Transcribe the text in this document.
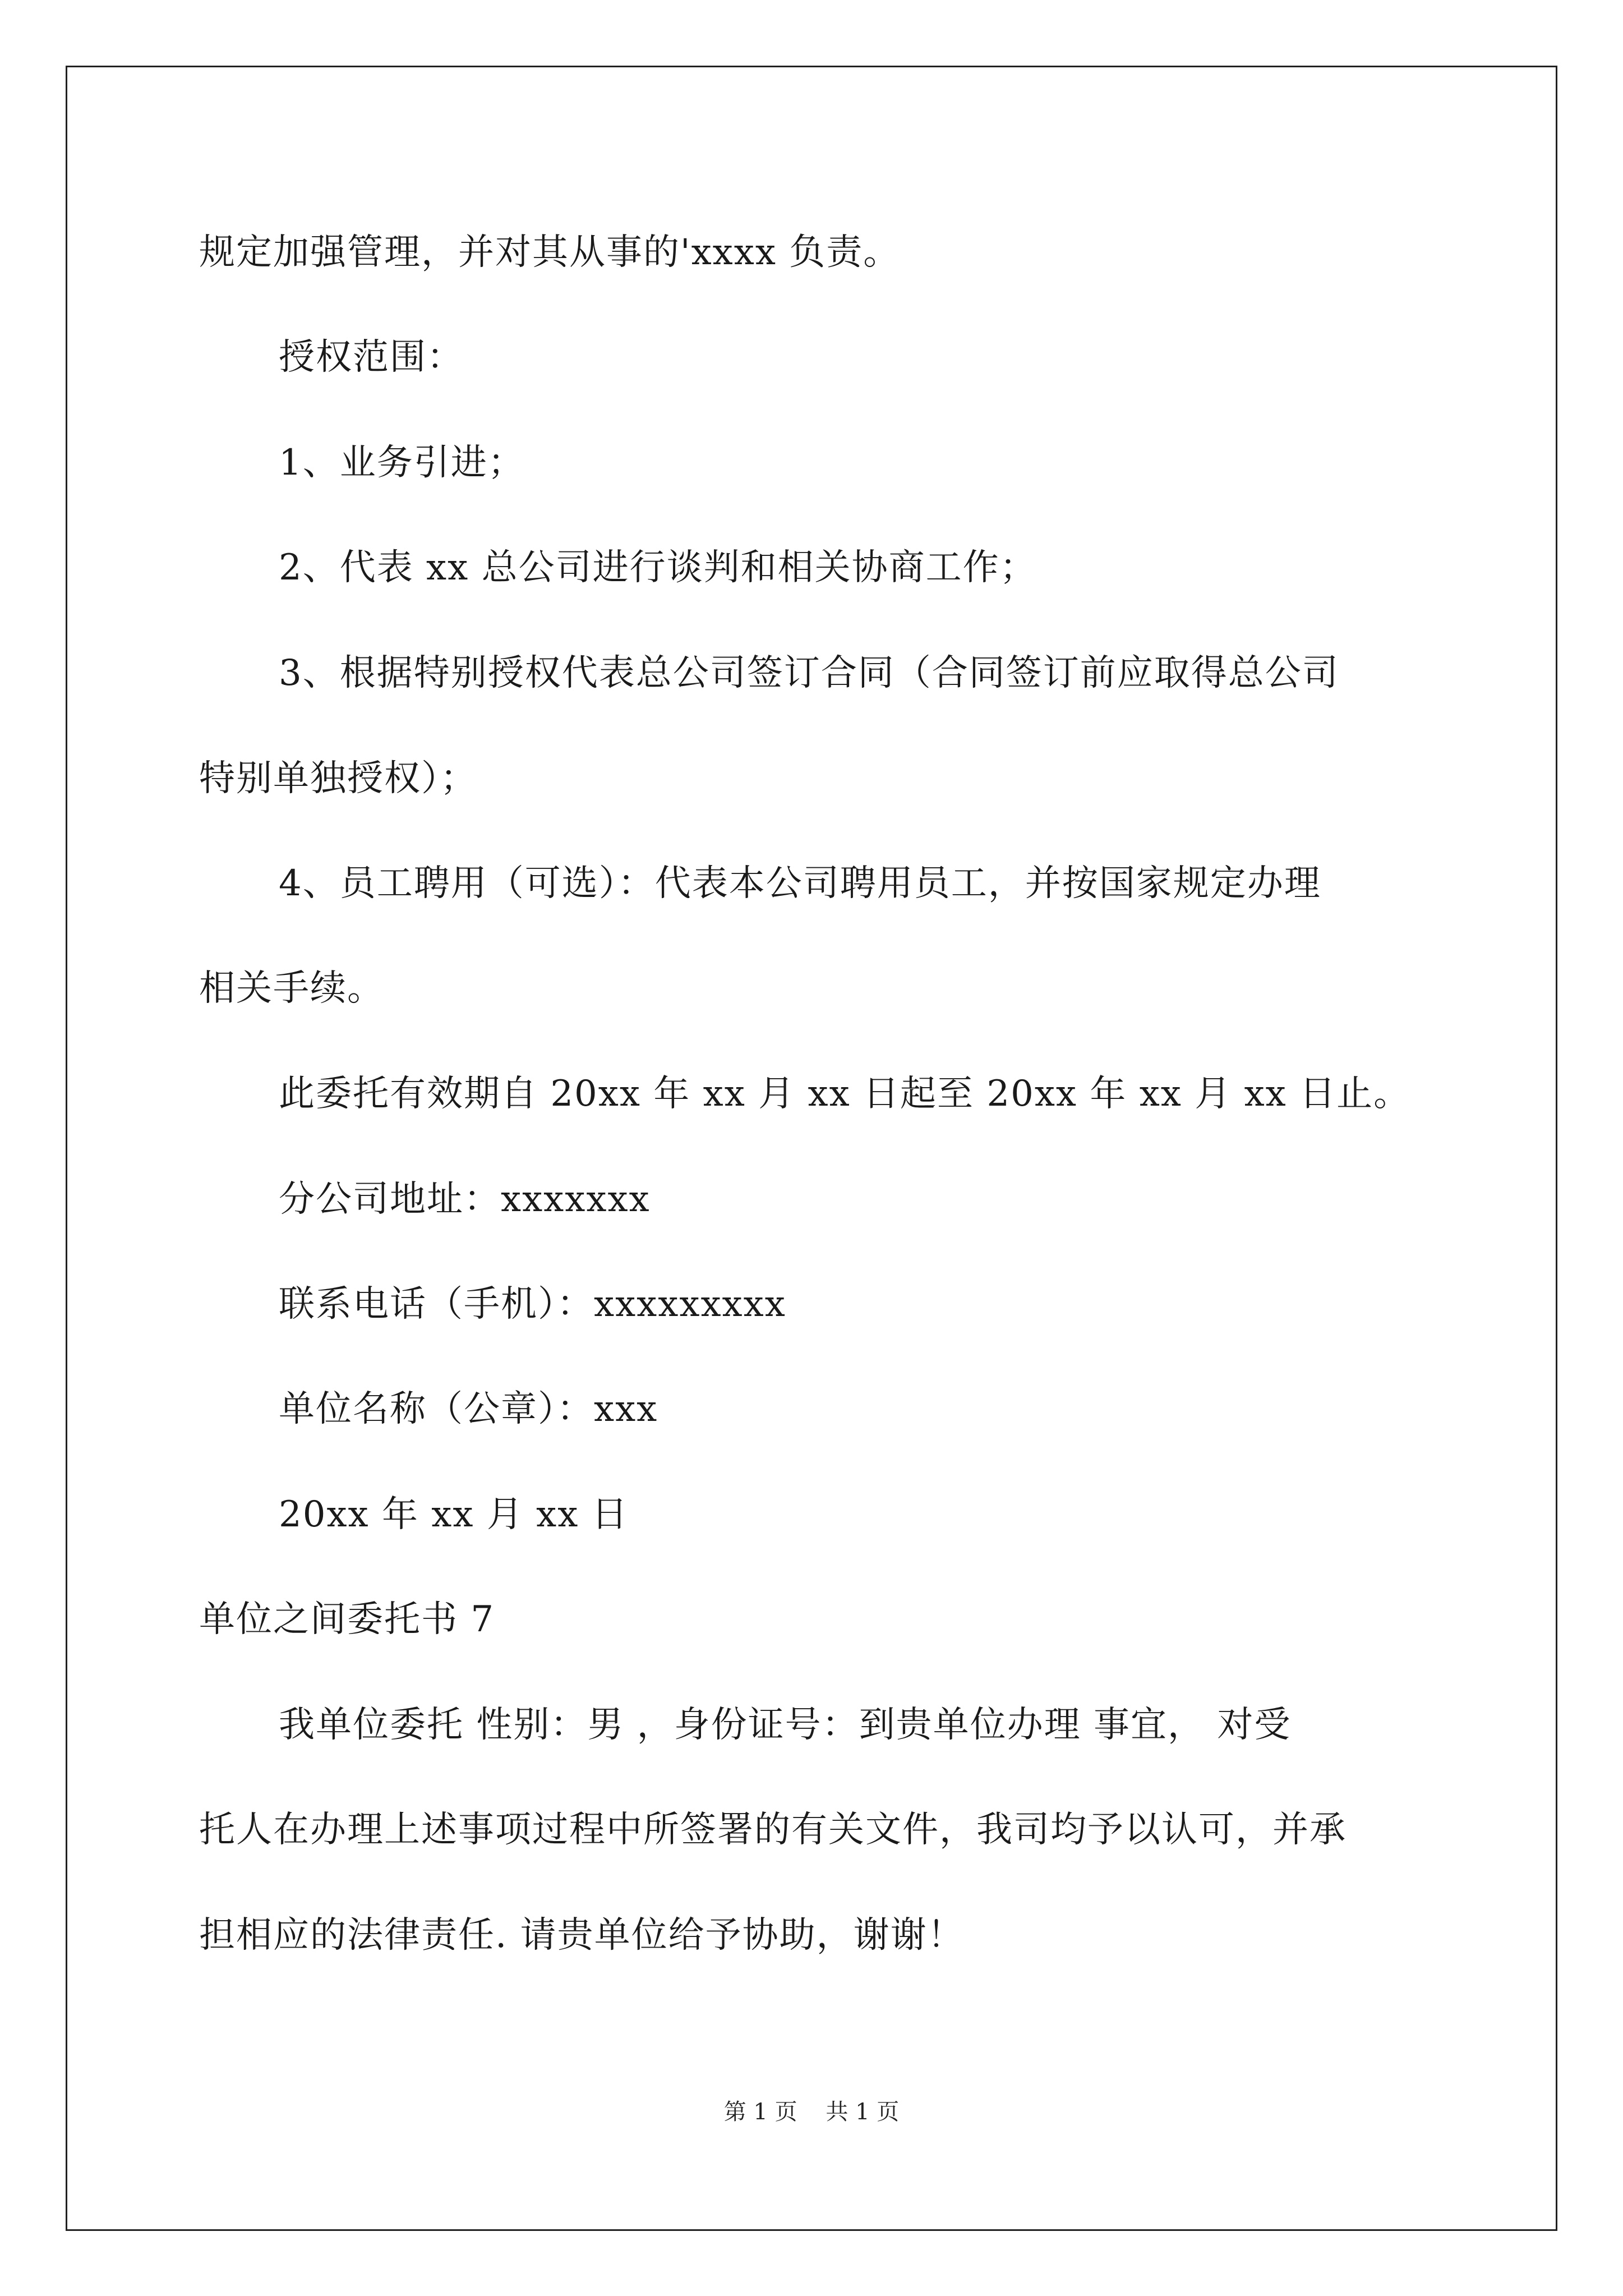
规定加强管理，并对其从事的'xxxx 负责。
授权范围：
1、业务引进；
2、代表 xx 总公司进行谈判和相关协商工作；
3、根据特别授权代表总公司签订合同（合同签订前应取得总公司
特别单独授权）；
4、员工聘用（可选）：代表本公司聘用员工，并按国家规定办理
相关手续。
此委托有效期自 20xx 年 xx 月 xx 日起至 20xx 年 xx 月 xx 日止。
分公司地址：xxxxxxx
联系电话（手机）：xxxxxxxxx
单位名称（公章）：xxx
20xx 年 xx 月 xx 日
单位之间委托书 7
我单位委托 性别：男 ，身份证号：到贵单位办理 事宜， 对受
托人在办理上述事项过程中所签署的有关文件，我司均予以认可，并承
担相应的法律责任. 请贵单位给予协助，谢谢！
第 1 页    共 1 页
